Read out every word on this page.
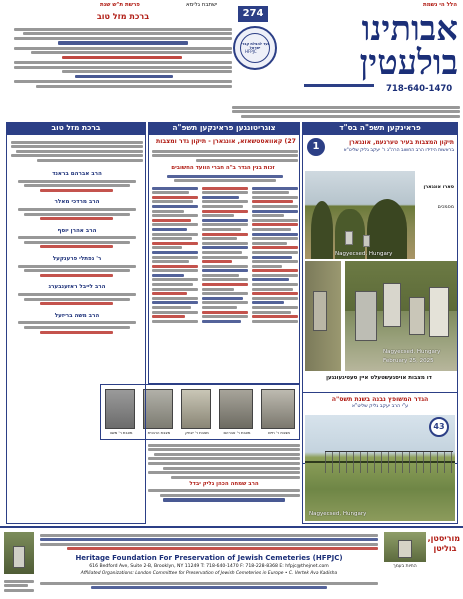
הלל הי נשמת
ישתבח גלימא
פרשת ת"ש שנת
274	אבותינו
בולעטין
718-640-1470
ועד להצלת קברי ישראל
HFPJC
ברכת מזל טוב
ברכת מזל טוב	צוגריטונגען פראינקען תשפ"ה	פראינקען תשפ"ה בס"ד
1	תיקון המצבות בעיר טערנעמ, אונגארן
בראשות הידידו הרב החשוב הרה"ג ר' יעקב גליק שליט"א
Nagyecsed, Hungary
סארו אונגארן
מסמכים
Nagyecsed, Hungary
February 25, 2025
דו מצבות אויסגעשטעלט איין סעטיגעונגען
הגדר המשופץ נבנה בשנת תשס"ה
ע"י הרב יעקב גליק שליט"א
Nagyecsed, Hungary
43
27) קאוואסטשאזא, אונגארן - תיקון גדר ומצבות
זכות בנין הגדר ב"ה חברי הוועד החשובים
מצבת ר' משה	מצבת הרבנית	מצבת ר' יצחק	מצבת ר' אברהם	מצבת ר' חיים
הרב שמחה הכהן גליק יבדל
הרב אברהם בראנד
הרב מרדכי מאלר
הרב אהרן יוסף
ר' נפתלי פרענקעל
הרב לייבל ראזענבערג
הרב משה בריזעל
החיות בעמך
מוריסטן,
בוליטן
Heritage Foundation For Preservation of Jewish Cemeteries (HFPJC)
616 Bedford Ave, Suite 2-B, Brooklyn, NY 11249 T: 718-640-1470 F: 718-228-8368 E: hfpjc@thejnet.com
Affiliated Organizations: London Committee for Preservation of Jewish Cemeteries in Europe • C. Vertek Ava Kadisha
